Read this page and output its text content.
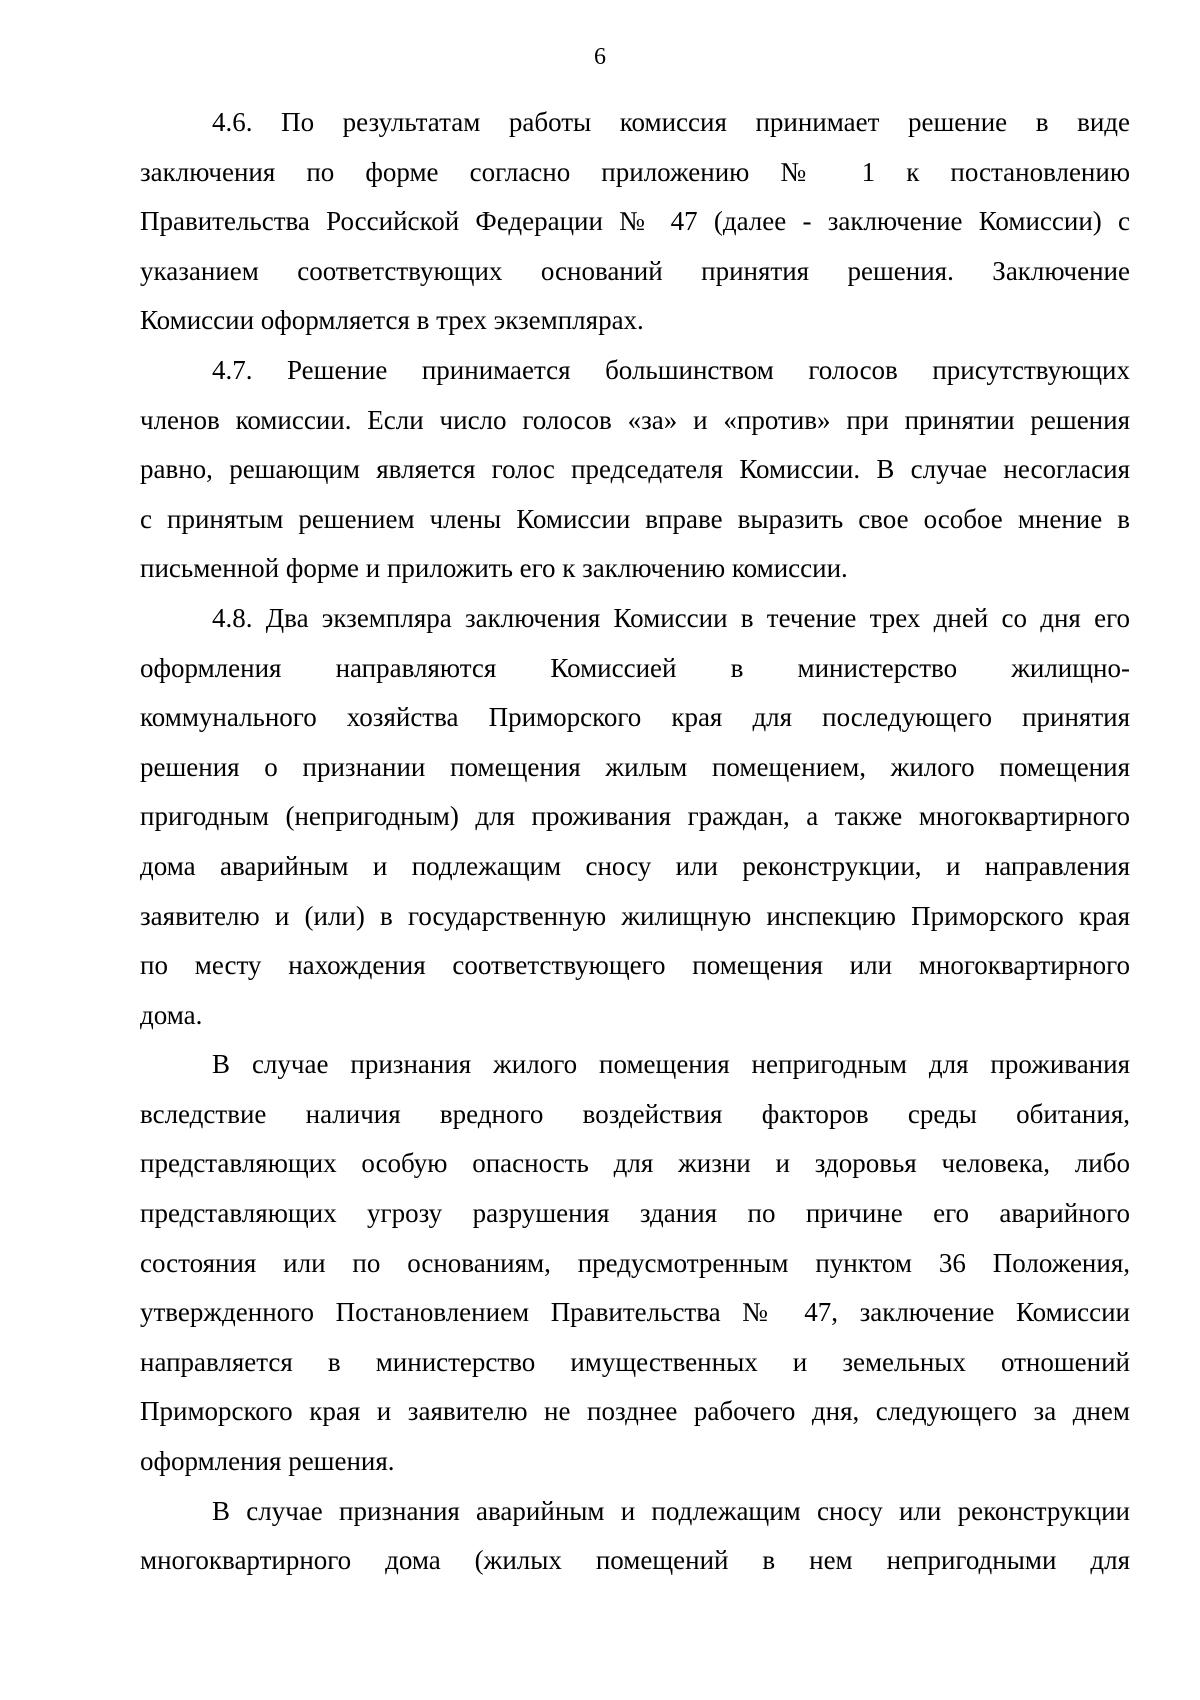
6

4.6. По результатам работы комиссия принимает решение в виде
заключения по форме согласно приложению № 1 к постановлению
Правительства Российской Федерации № 47 (далее - заключение Комиссии) с
указанием соответствующих оснований принятия решения. Заключение
Комиссии оформляется в трех экземплярах.

4.7. Решение принимается большинством голосов присутствующих
членов комиссии. Если число голосов «за» и «против» при принятии решения
равно, решающим является голос председателя Комиссии. В случае несогласия
с принятым решением члены Комиссии вправе выразить свое особое мнение в
письменной форме и приложить его к заключению комиссии.

4.8. Два экземпляра заключения Комиссии в течение трех дней со дня его
оформления направляются Комиссией в министерство жилищно-
коммунального хозяйства Приморского края для последующего принятия
решения о признании помещения жилым помещением, жилого помещения
пригодным (непригодным) для проживания граждан, а также многоквартирного
дома аварийным и подлежащим сносу или реконструкции, и направления
заявителю и (или) в государственную жилищную инспекцию Приморского края
по месту нахождения соответствующего помещения или многоквартирного
дома.

В случае признания жилого помещения непригодным для проживания
вследствие наличия вредного воздействия факторов среды обитания,
представляющих особую опасность для жизни и здоровья человека, либо
представляющих угрозу разрушения здания по причине его аварийного
состояния или по основаниям, предусмотренным пунктом 36 Положения,
утвержденного Постановлением Правительства № 47, заключение Комиссии
направляется в министерство имущественных и земельных отношений
Приморского края и заявителю не позднее рабочего дня, следующего за днем
оформления решения.

В случае признания аварийным и подлежащим сносу или реконструкции
многоквартирного дома (жилых помещений в нем непригодными для
